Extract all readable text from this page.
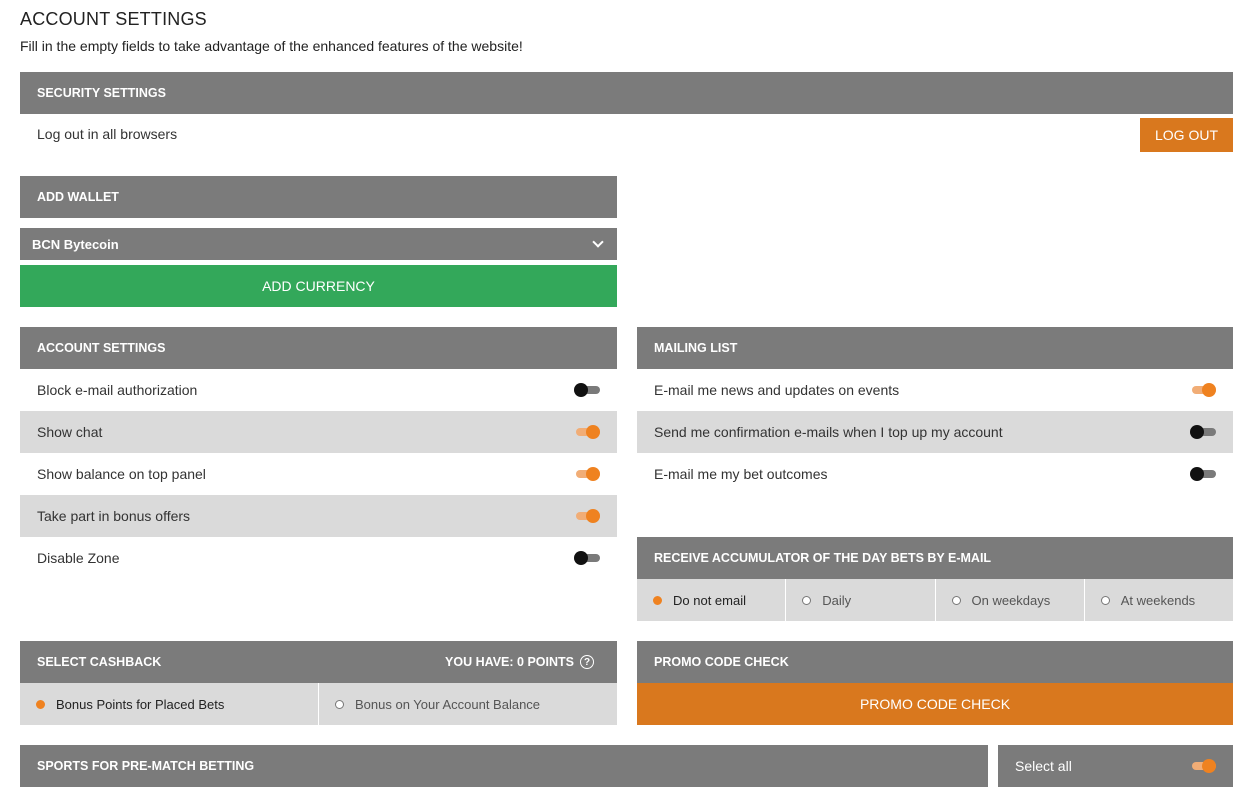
ACCOUNT SETTINGS
Fill in the empty fields to take advantage of the enhanced features of the website!
SECURITY SETTINGS
Log out in all browsers	LOG OUT
ADD WALLET
BCN Bytecoin
ADD CURRENCY
ACCOUNT SETTINGS
Block e-mail authorization
Show chat
Show balance on top panel
Take part in bonus offers
Disable Zone
MAILING LIST
E-mail me news and updates on events
Send me confirmation e-mails when I top up my account
E-mail me my bet outcomes
RECEIVE ACCUMULATOR OF THE DAY BETS BY E-MAIL
Do not email	Daily	On weekdays	At weekends
SELECT CASHBACK	YOU HAVE: 0 POINTS ?
Bonus Points for Placed Bets	Bonus on Your Account Balance
PROMO CODE CHECK
PROMO CODE CHECK
SPORTS FOR PRE-MATCH BETTING	Select all
